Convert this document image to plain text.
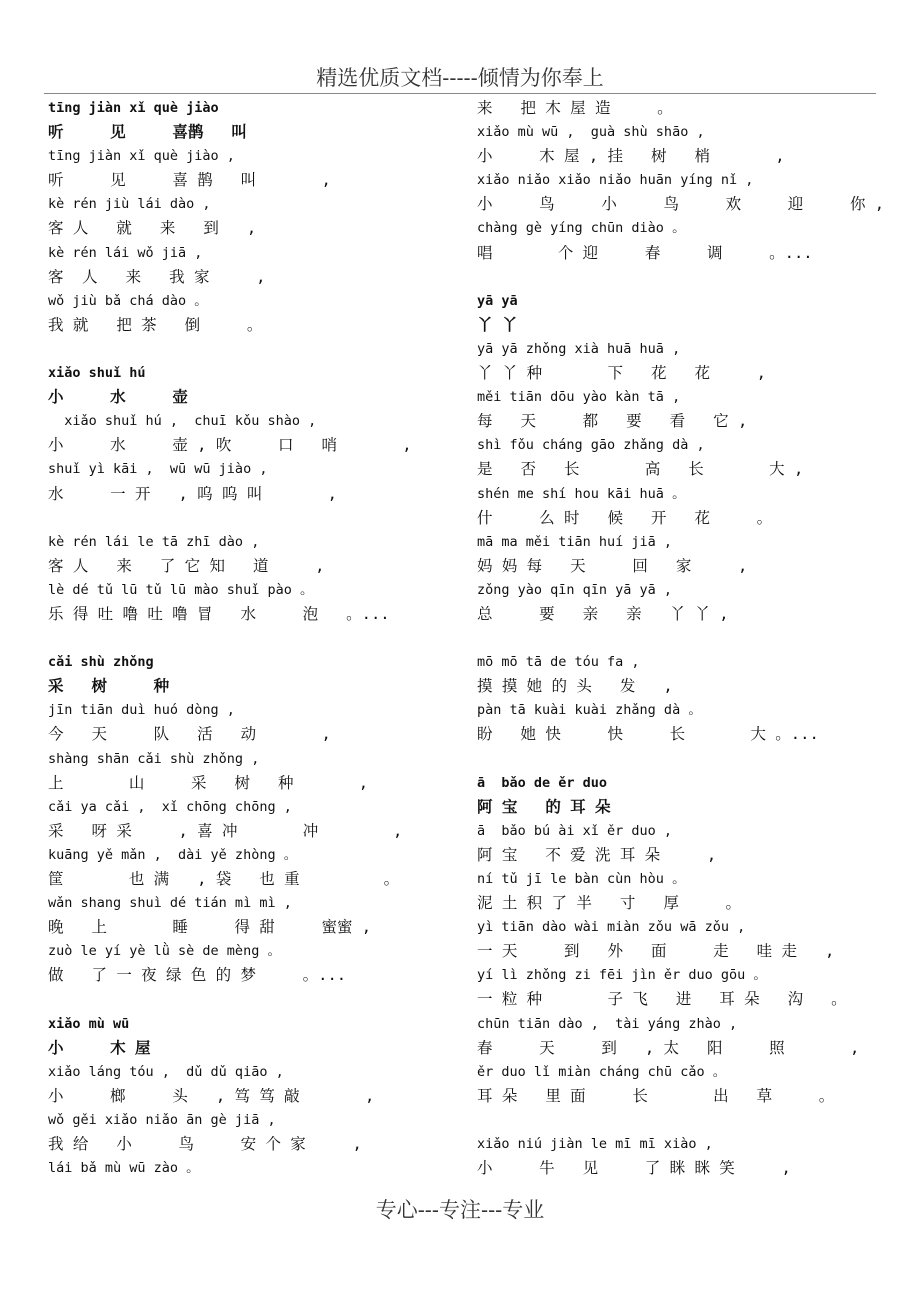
精选优质文档-----倾情为你奉上
tīng jiàn xǐ què jiào
听     见     喜鹊   叫
tīng jiàn xǐ què jiào ,
听     见     喜 鹊   叫       ,
kè rén jiù lái dào ,
客 人   就   来   到   ,
kè rén lái wǒ jiā ,
客  人   来   我 家     ,
wǒ jiù bǎ chá dào 。
我 就   把 茶   倒     。
xiǎo shuǐ hú
小     水     壶
xiǎo shuǐ hú ,  chuī kǒu shào ,
小     水     壶 , 吹     口   哨       ,
shuǐ yì kāi ,  wū wū jiào ,
水     一 开   , 呜 呜 叫       ,
kè rén lái le tā zhī dào ,
客 人   来   了 它 知   道     ,
lè dé tǔ lū tǔ lū mào shuǐ pào 。
乐 得 吐 噜 吐 噜 冒   水     泡   。...
cǎi shù zhǒng
采   树     种
jīn tiān duì huó dòng ,
今   天     队   活   动       ,
shàng shān cǎi shù zhǒng ,
上       山     采   树   种       ,
cǎi ya cǎi ,  xǐ chōng chōng ,
采   呀 采     , 喜 冲       冲        ,
kuāng yě mǎn ,  dài yě zhòng 。
筐       也 满   , 袋   也 重         。
wǎn shang shuì dé tián mì mì ,
晚   上       睡     得 甜     蜜蜜 ,
zuò le yí yè lǜ sè de mèng 。
做   了 一 夜 绿 色 的 梦     。...
xiǎo mù wū
小     木 屋
xiǎo láng tóu ,  dǔ dǔ qiāo ,
小     榔     头   , 笃 笃 敲       ,
wǒ gěi xiǎo niǎo ān gè jiā ,
我 给   小     鸟     安 个 家     ,
lái bǎ mù wū zào 。
来   把 木 屋 造     。
xiǎo mù wū ,  guà shù shāo ,
小     木 屋 , 挂   树   梢       ,
xiǎo niǎo xiǎo niǎo huān yíng nǐ ,
小     鸟     小     鸟     欢     迎     你 ,
chàng gè yíng chūn diào 。
唱       个 迎     春     调     。...
yā yā
丫 丫
yā yā zhǒng xià huā huā ,
丫 丫 种       下   花   花     ,
měi tiān dōu yào kàn tā ,
每   天     都   要   看   它 ,
shì fǒu cháng gāo zhǎng dà ,
是   否   长       高   长       大 ,
shén me shí hou kāi huā 。
什     么 时   候   开   花     。
mā ma měi tiān huí jiā ,
妈 妈 每   天     回   家     ,
zǒng yào qīn qīn yā yā ,
总     要   亲   亲   丫 丫 ,
mō mō tā de tóu fa ,
摸 摸 她 的 头   发   ,
pàn tā kuài kuài zhǎng dà 。
盼   她 快     快     长       大 。...
ā  bǎo de ěr duo
阿 宝   的 耳 朵
ā  bǎo bú ài xǐ ěr duo ,
阿 宝   不 爱 洗 耳 朵     ,
ní tǔ jī le bàn cùn hòu 。
泥 土 积 了 半   寸   厚     。
yì tiān dào wài miàn zǒu wā zǒu ,
一 天     到   外   面     走   哇 走   ,
yí lì zhǒng zi fēi jìn ěr duo gōu 。
一 粒 种       子 飞   进   耳 朵   沟   。
chūn tiān dào ,  tài yáng zhào ,
春     天     到   , 太   阳     照       ,
ěr duo lǐ miàn cháng chū cǎo 。
耳 朵   里 面     长       出   草     。
xiǎo niú jiàn le mī mī xiào ,
小     牛   见     了 眯 眯 笑     ,
专心---专注---专业
